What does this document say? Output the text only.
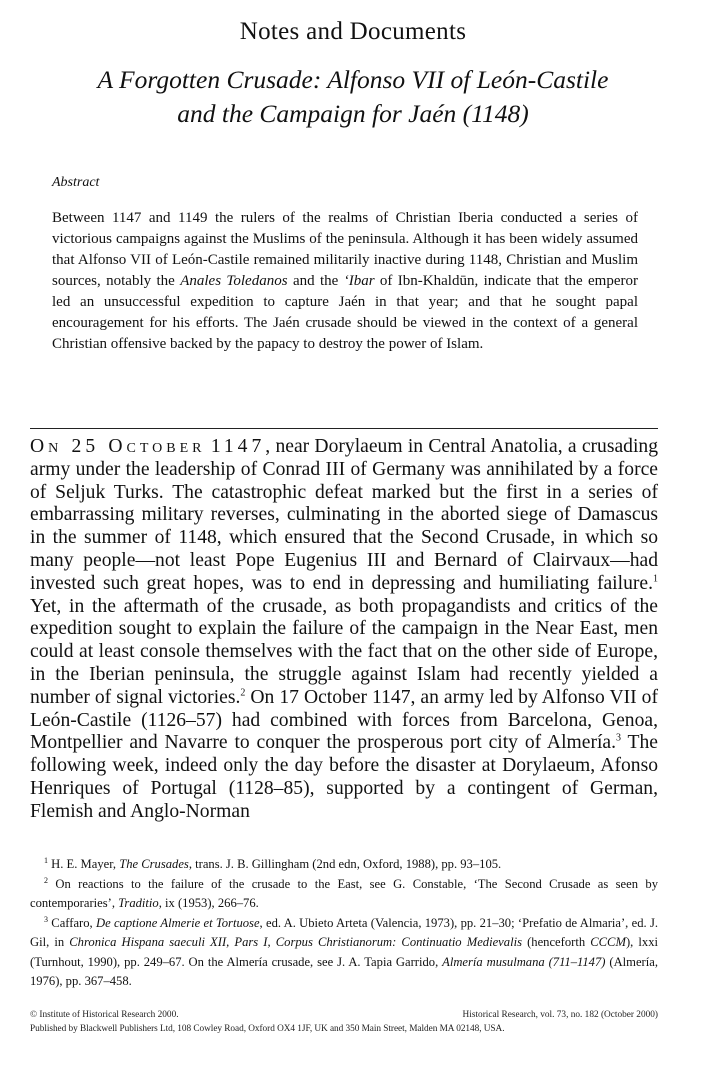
Notes and Documents
A Forgotten Crusade: Alfonso VII of León-Castile
and the Campaign for Jaén (1148)
Abstract

Between 1147 and 1149 the rulers of the realms of Christian Iberia conducted a series of victorious campaigns against the Muslims of the peninsula. Although it has been widely assumed that Alfonso VII of León-Castile remained militarily inactive during 1148, Christian and Muslim sources, notably the Anales Toledanos and the ‘Ibar of Ibn-Khaldūn, indicate that the emperor led an unsuccessful expedition to capture Jaén in that year; and that he sought papal encouragement for his efforts. The Jaén crusade should be viewed in the context of a general Christian offensive backed by the papacy to destroy the power of Islam.

On 25 October 1147, near Dorylaeum in Central Anatolia, a crusading army under the leadership of Conrad III of Germany was annihilated by a force of Seljuk Turks. The catastrophic defeat marked but the first in a series of embarrassing military reverses, culminating in the aborted siege of Damascus in the summer of 1148, which ensured that the Second Crusade, in which so many people—not least Pope Eugenius III and Bernard of Clairvaux—had invested such great hopes, was to end in depressing and humiliating failure.$^1$ Yet, in the aftermath of the crusade, as both propagandists and critics of the expedition sought to explain the failure of the campaign in the Near East, men could at least console themselves with the fact that on the other side of Europe, in the Iberian peninsula, the struggle against Islam had recently yielded a number of signal victories.$^2$ On 17 October 1147, an army led by Alfonso VII of León-Castile (1126–57) had combined with forces from Barcelona, Genoa, Montpellier and Navarre to conquer the prosperous port city of Almería.$^3$ The following week, indeed only the day before the disaster at Dorylaeum, Afonso Henriques of Portugal (1128–85), supported by a contingent of German, Flemish and Anglo-Norman

$^1$ H. E. Mayer, The Crusades, trans. J. B. Gillingham (2nd edn, Oxford, 1988), pp. 93–105.

$^2$ On reactions to the failure of the crusade to the East, see G. Constable, ‘The Second Crusade as seen by contemporaries’, Traditio, ix (1953), 266–76.

$^3$ Caffaro, De captione Almerie et Tortuose, ed. A. Ubieto Arteta (Valencia, 1973), pp. 21–30; ‘Prefatio de Almaria’, ed. J. Gil, in Chronica Hispana saeculi XII, Pars I, Corpus Christianorum: Continuatio Medievalis (henceforth CCCM), lxxi (Turnhout, 1990), pp. 249–67. On the Almería crusade, see J. A. Tapia Garrido, Almería musulmana (711–1147) (Almería, 1976), pp. 367–458.

© Institute of Historical Research 2000.	Historical Research, vol. 73, no. 182 (October 2000)
Published by Blackwell Publishers Ltd, 108 Cowley Road, Oxford OX4 1JF, UK and 350 Main Street, Malden MA 02148, USA.
